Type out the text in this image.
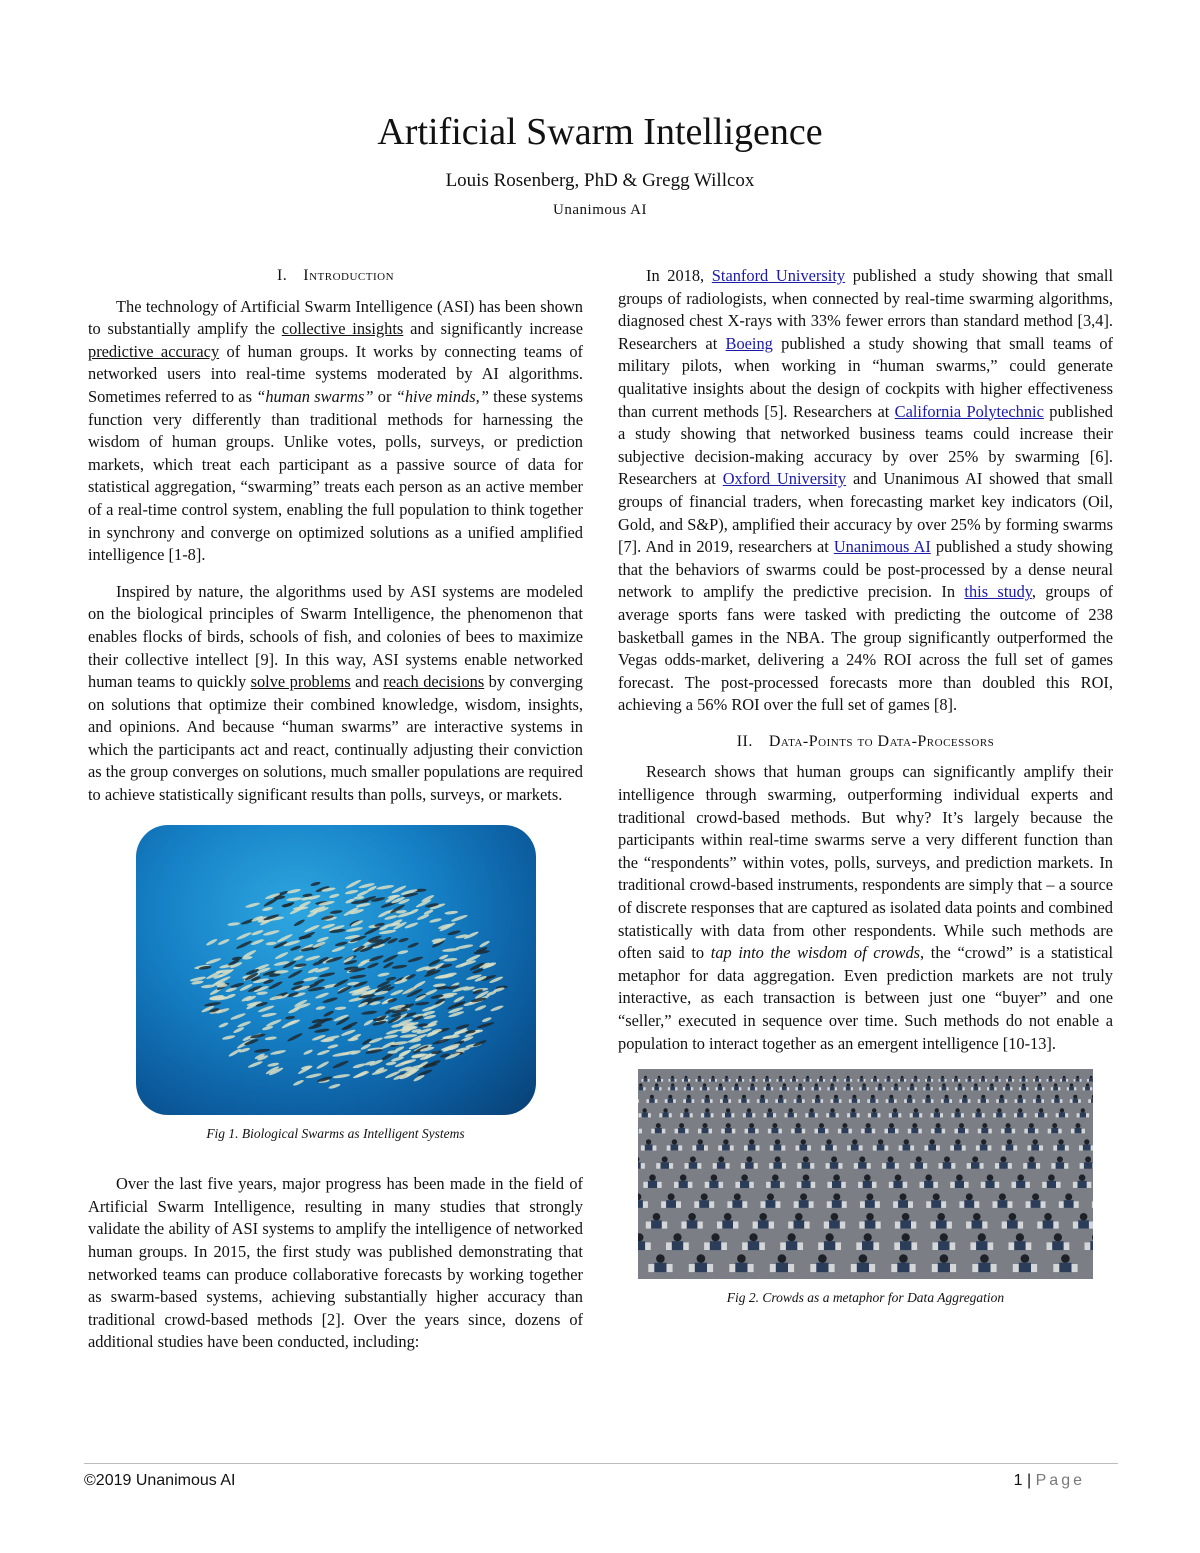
Artificial Swarm Intelligence
Louis Rosenberg, PhD & Gregg Willcox
Unanimous AI
I. Introduction

The technology of Artificial Swarm Intelligence (ASI) has been shown to substantially amplify the collective insights and significantly increase predictive accuracy of human groups. It works by connecting teams of networked users into real-time systems moderated by AI algorithms. Sometimes referred to as “human swarms” or “hive minds,” these systems function very differently than traditional methods for harnessing the wisdom of human groups. Unlike votes, polls, surveys, or prediction markets, which treat each participant as a passive source of data for statistical aggregation, “swarming” treats each person as an active member of a real-time control system, enabling the full population to think together in synchrony and converge on optimized solutions as a unified amplified intelligence [1-8].

Inspired by nature, the algorithms used by ASI systems are modeled on the biological principles of Swarm Intelligence, the phenomenon that enables flocks of birds, schools of fish, and colonies of bees to maximize their collective intellect [9]. In this way, ASI systems enable networked human teams to quickly solve problems and reach decisions by converging on solutions that optimize their combined knowledge, wisdom, insights, and opinions. And because “human swarms” are interactive systems in which the participants act and react, continually adjusting their conviction as the group converges on solutions, much smaller populations are required to achieve statistically significant results than polls, surveys, or markets.

Fig 1. Biological Swarms as Intelligent Systems

Over the last five years, major progress has been made in the field of Artificial Swarm Intelligence, resulting in many studies that strongly validate the ability of ASI systems to amplify the intelligence of networked human groups. In 2015, the first study was published demonstrating that networked teams can produce collaborative forecasts by working together as swarm-based systems, achieving substantially higher accuracy than traditional crowd-based methods [2]. Over the years since, dozens of additional studies have been conducted, including:

In 2018, Stanford University published a study showing that small groups of radiologists, when connected by real-time swarming algorithms, diagnosed chest X-rays with 33% fewer errors than standard method [3,4]. Researchers at Boeing published a study showing that small teams of military pilots, when working in “human swarms,” could generate qualitative insights about the design of cockpits with higher effectiveness than current methods [5]. Researchers at California Polytechnic published a study showing that networked business teams could increase their subjective decision-making accuracy by over 25% by swarming [6]. Researchers at Oxford University and Unanimous AI showed that small groups of financial traders, when forecasting market key indicators (Oil, Gold, and S&P), amplified their accuracy by over 25% by forming swarms [7]. And in 2019, researchers at Unanimous AI published a study showing that the behaviors of swarms could be post-processed by a dense neural network to amplify the predictive precision. In this study, groups of average sports fans were tasked with predicting the outcome of 238 basketball games in the NBA. The group significantly outperformed the Vegas odds-market, delivering a 24% ROI across the full set of games forecast. The post-processed forecasts more than doubled this ROI, achieving a 56% ROI over the full set of games [8].

II. Data-Points to Data-Processors

Research shows that human groups can significantly amplify their intelligence through swarming, outperforming individual experts and traditional crowd-based methods. But why? It’s largely because the participants within real-time swarms serve a very different function than the “respondents” within votes, polls, surveys, and prediction markets. In traditional crowd-based instruments, respondents are simply that – a source of discrete responses that are captured as isolated data points and combined statistically with data from other respondents. While such methods are often said to tap into the wisdom of crowds, the “crowd” is a statistical metaphor for data aggregation. Even prediction markets are not truly interactive, as each transaction is between just one “buyer” and one “seller,” executed in sequence over time. Such methods do not enable a population to interact together as an emergent intelligence [10-13].

Fig 2. Crowds as a metaphor for Data Aggregation
©2019 Unanimous AI	1 | Page
